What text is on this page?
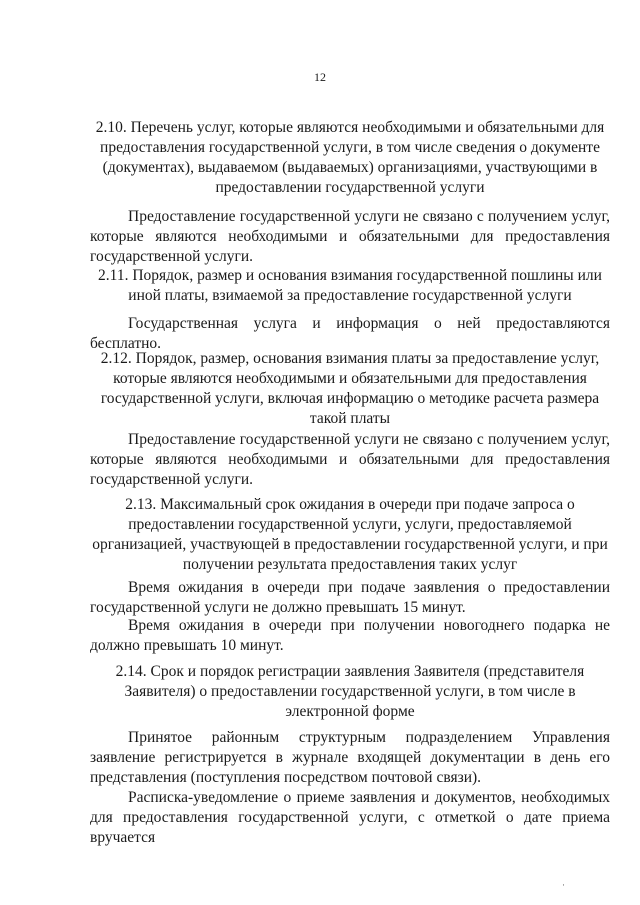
12
2.10. Перечень услуг, которые являются необходимыми и обязательными для предоставления государственной услуги, в том числе сведения о документе (документах), выдаваемом (выдаваемых) организациями, участвующими в предоставлении государственной услуги
Предоставление государственной услуги не связано с получением услуг, которые являются необходимыми и обязательными для предоставления государственной услуги.
2.11. Порядок, размер и основания взимания государственной пошлины или иной платы, взимаемой за предоставление государственной услуги
Государственная услуга и информация о ней предоставляются бесплатно.
2.12. Порядок, размер, основания взимания платы за предоставление услуг, которые являются необходимыми и обязательными для предоставления государственной услуги, включая информацию о методике расчета размера такой платы
Предоставление государственной услуги не связано с получением услуг, которые являются необходимыми и обязательными для предоставления государственной услуги.
2.13. Максимальный срок ожидания в очереди при подаче запроса о предоставлении государственной услуги, услуги, предоставляемой организацией, участвующей в предоставлении государственной услуги, и при получении результата предоставления таких услуг
Время ожидания в очереди при подаче заявления о предоставлении государственной услуги не должно превышать 15 минут.
Время ожидания в очереди при получении новогоднего подарка не должно превышать 10 минут.
2.14. Срок и порядок регистрации заявления Заявителя (представителя Заявителя) о предоставлении государственной услуги, в том числе в электронной форме
Принятое районным структурным подразделением Управления заявление регистрируется в журнале входящей документации в день его представления (поступления посредством почтовой связи).
Расписка-уведомление о приеме заявления и документов, необходимых для предоставления государственной услуги, с отметкой о дате приема вручается
·
